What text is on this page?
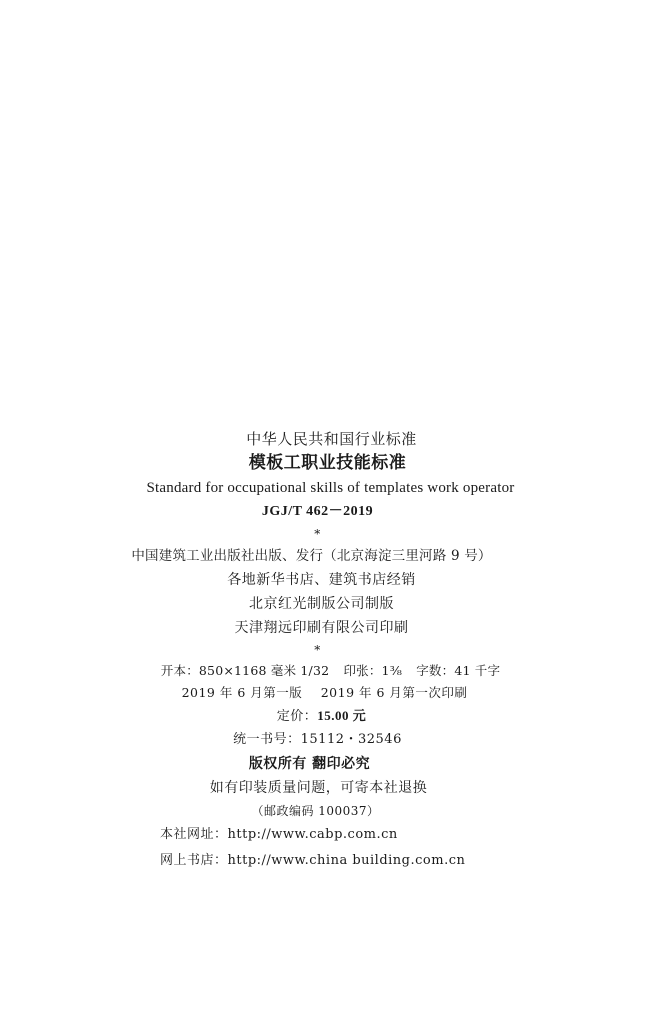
中华人民共和国行业标准
模板工职业技能标准
Standard for occupational skills of templates work operator
JGJ/T 462－2019
*
中国建筑工业出版社出版、发行（北京海淀三里河路 9 号）
各地新华书店、建筑书店经销
北京红光制版公司制版
天津翔远印刷有限公司印刷
*
开本：850×1168 毫米 1/32 印张：1⅜ 字数：41 千字
2019 年 6 月第一版 2019 年 6 月第一次印刷
定价：15.00 元
统一书号：15112・32546
版权所有 翻印必究
如有印装质量问题，可寄本社退换
（邮政编码 100037）
本社网址：http://www.cabp.com.cn
网上书店：http://www.china building.com.cn
